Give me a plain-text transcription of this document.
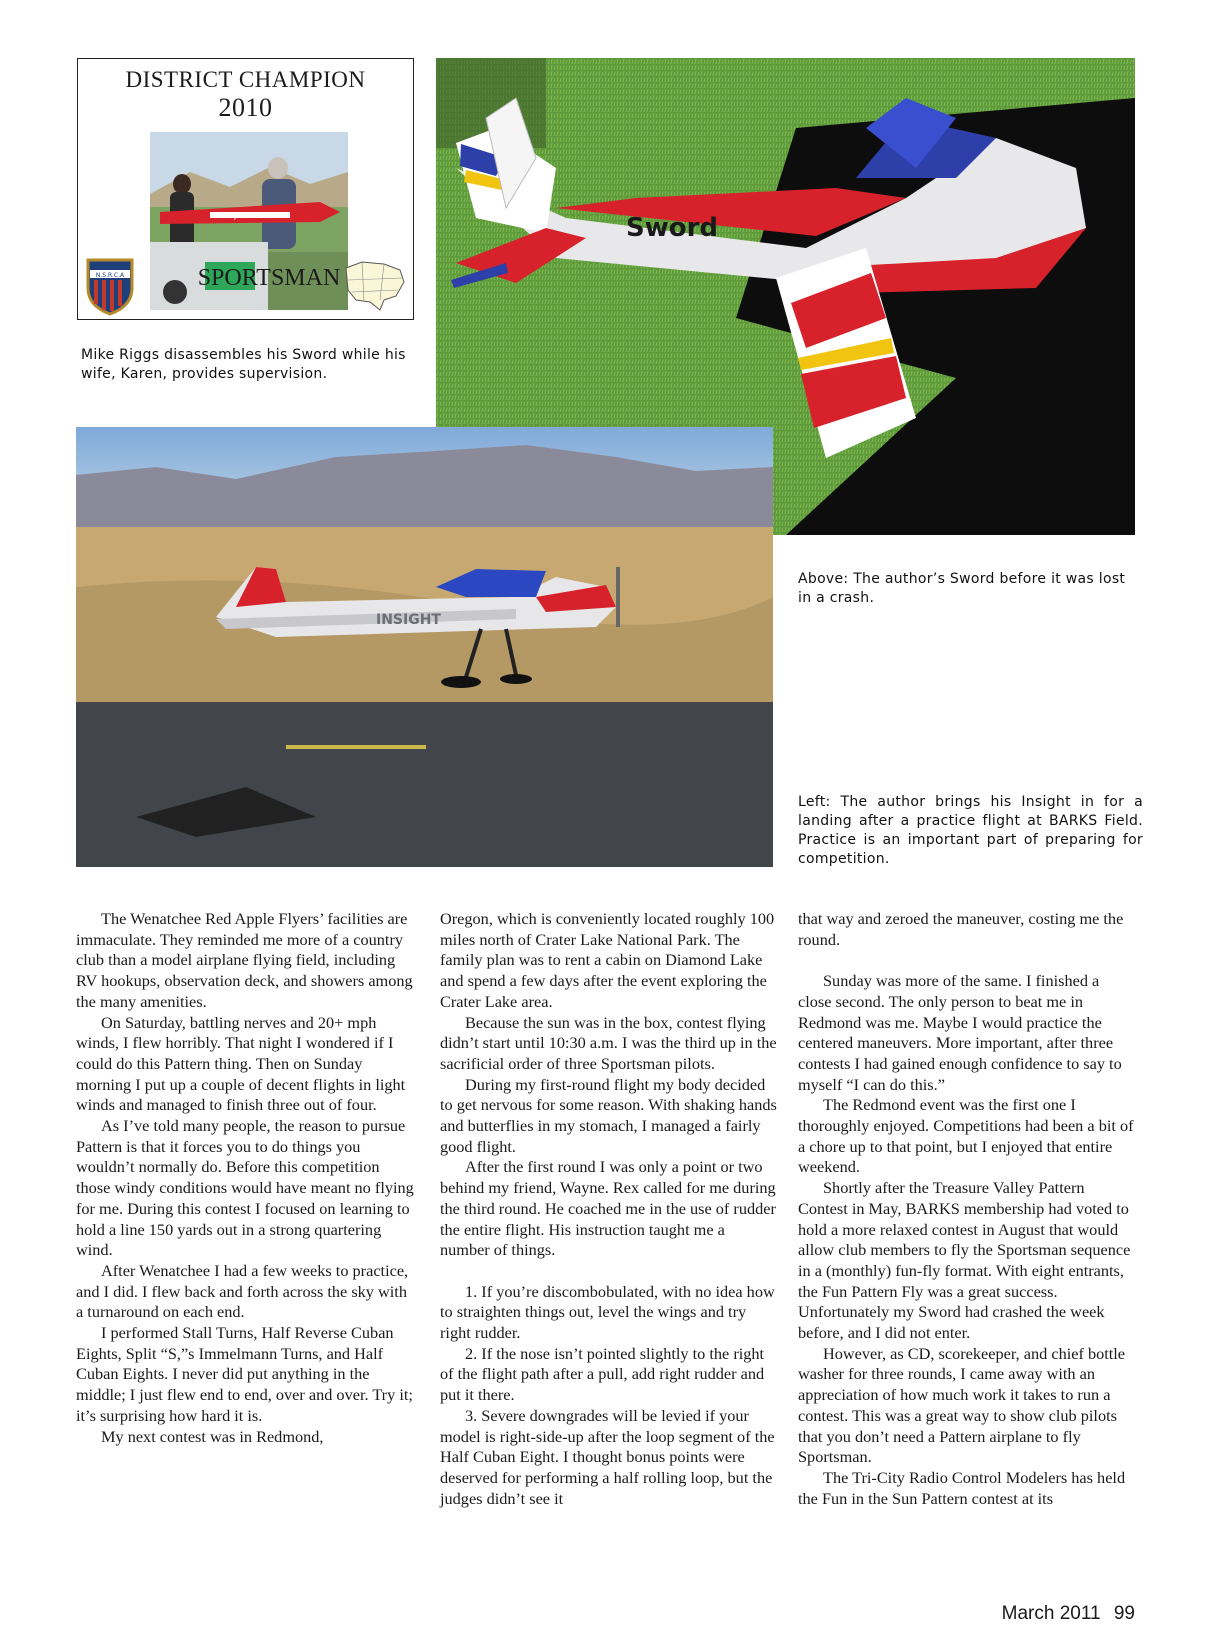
DISTRICT CHAMPION
2010
PJOMS
N.S.R.C.A	SPORTSMAN
Mike Riggs disassembles his Sword while his wife, Karen, provides supervision.
Sword
Above: The author’s Sword before it was lost in a crash.
INSIGHT
Left: The author brings his Insight in for a landing after a practice flight at BARKS Field. Practice is an important part of preparing for competition.

The Wenatchee Red Apple Flyers’ facilities are immaculate. They reminded me more of a country club than a model airplane flying field, including RV hookups, observation deck, and showers among the many amenities.

On Saturday, battling nerves and 20+ mph winds, I flew horribly. That night I wondered if I could do this Pattern thing. Then on Sunday morning I put up a couple of decent flights in light winds and managed to finish three out of four.

As I’ve told many people, the reason to pursue Pattern is that it forces you to do things you wouldn’t normally do. Before this competition those windy conditions would have meant no flying for me. During this contest I focused on learning to hold a line 150 yards out in a strong quartering wind.

After Wenatchee I had a few weeks to practice, and I did. I flew back and forth across the sky with a turnaround on each end.

I performed Stall Turns, Half Reverse Cuban Eights, Split “S,”s Immelmann Turns, and Half Cuban Eights. I never did put anything in the middle; I just flew end to end, over and over. Try it; it’s surprising how hard it is.

My next contest was in Redmond,

Oregon, which is conveniently located roughly 100 miles north of Crater Lake National Park. The family plan was to rent a cabin on Diamond Lake and spend a few days after the event exploring the Crater Lake area.

Because the sun was in the box, contest flying didn’t start until 10:30 a.m. I was the third up in the sacrificial order of three Sportsman pilots.

During my first-round flight my body decided to get nervous for some reason. With shaking hands and butterflies in my stomach, I managed a fairly good flight.

After the first round I was only a point or two behind my friend, Wayne. Rex called for me during the third round. He coached me in the use of rudder the entire flight. His instruction taught me a number of things.

1. If you’re discombobulated, with no idea how to straighten things out, level the wings and try right rudder.

2. If the nose isn’t pointed slightly to the right of the flight path after a pull, add right rudder and put it there.

3. Severe downgrades will be levied if your model is right-side-up after the loop segment of the Half Cuban Eight. I thought bonus points were deserved for performing a half rolling loop, but the judges didn’t see it

that way and zeroed the maneuver, costing me the round.

Sunday was more of the same. I finished a close second. The only person to beat me in Redmond was me. Maybe I would practice the centered maneuvers. More important, after three contests I had gained enough confidence to say to myself “I can do this.”

The Redmond event was the first one I thoroughly enjoyed. Competitions had been a bit of a chore up to that point, but I enjoyed that entire weekend.

Shortly after the Treasure Valley Pattern Contest in May, BARKS membership had voted to hold a more relaxed contest in August that would allow club members to fly the Sportsman sequence in a (monthly) fun-fly format. With eight entrants, the Fun Pattern Fly was a great success. Unfortunately my Sword had crashed the week before, and I did not enter.

However, as CD, scorekeeper, and chief bottle washer for three rounds, I came away with an appreciation of how much work it takes to run a contest. This was a great way to show club pilots that you don’t need a Pattern airplane to fly Sportsman.

The Tri-City Radio Control Modelers has held the Fun in the Sun Pattern contest at its

March 2011 99
